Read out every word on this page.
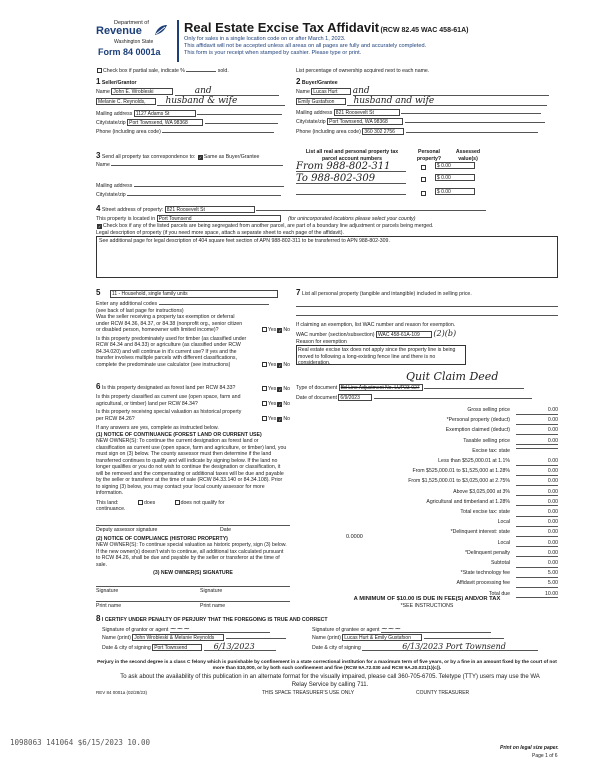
Department of
Revenue
Washington State
Form 84 0001a
Real Estate Excise Tax Affidavit (RCW 82.45 WAC 458-61A)
Only for sales in a single location code on or after March 1, 2023.
This affidavit will not be accepted unless all areas on all pages are fully and accurately completed.
This form is your receipt when stamped by cashier. Please type or print.
Check box if partial sale, indicate %	sold.	List percentage of ownership acquired next to each name.
1 Seller/Grantor
Name John E. Wrobleski	and
Melanie C. Reynolds, husband & wife
Mailing address 1127 Adams St
City/state/zip Port Townsend, WA 98368
Phone (including area code)
2 Buyer/Grantee
Name Lucas Hurt and
Emily Gustafson husband and wife
Mailing address 821 Roosevelt St
City/state/zip Port Townsend, WA 98368
Phone (including area code) 360 302 2756
3 Send all property tax correspondence to: ✓ Same as Buyer/Grantee
Name
Mailing address
City/state/zip
List all real and personal property tax parcel account numbers
Personal property?
Assessed value(s)
From 988-802-311	$ 0.00
To 988-802-309	$ 0.00
$ 0.00
4 Street address of property: 821 Roosevelt St
This property is located in Port Townsend	(for unincorporated locations please select your county)
✓ Check box if any of the listed parcels are being segregated from another parcel, are part of a boundary line adjustment or parcels being merged.
Legal description of property (if you need more space, attach a separate sheet to each page of the affidavit).
See additional page for legal description of 404 square feet section of APN 988-802-311 to be transferred to APN 988-802-309.
5 11 - Household, single family units
Enter any additional codes
(see back of last page for instructions)
Was the seller receiving a property tax exemption or deferral under RCW 84.36, 84.37, or 84.38 (nonprofit org., senior citizen or disabled person, homeowner with limited income)?	Yes ✓ No
Is this property predominately used for timber (as classified under RCW 84.34 and 84.33) or agriculture (as classified under RCW 84.34.020) and will continue in it's current use? If yes and the transfer involves multiple parcels with different classifications, complete the predominate use calculator (see instructions)	Yes ✓ No
6 Is this property designated as forest land per RCW 84.33?	Yes ✓ No
Is this property classified as current use (open space, farm and agricultural, or timber) land per RCW 84.34?	Yes ✓ No
Is this property receiving special valuation as historical property per RCW 84.26?	Yes ✓ No
If any answers are yes, complete as instructed below.
(1) NOTICE OF CONTINUANCE (FOREST LAND OR CURRENT USE)
NEW OWNER(S): To continue the current designation as forest land or classification as current use (open space, farm and agriculture, or timber) land, you must sign on (3) below. The county assessor must then determine if the land transferred continues to qualify and will indicate by signing below. If the land no longer qualifies or you do not wish to continue the designation or classification, it will be removed and the compensating or additional taxes will be due and payable by the seller or transferor at the time of sale (RCW 84.33.140 or 84.34.108). Prior to signing (3) below, you may contact your local county assessor for more information.
This land:	does	does not qualify for
continuance.
Deputy assessor signature	Date
(2) NOTICE OF COMPLIANCE (HISTORIC PROPERTY)
NEW OWNER(S): To continue special valuation as historic property, sign (3) below. If the new owner(s) doesn't wish to continue, all additional tax calculated pursuant to RCW 84.26, shall be due and payable by the seller or transferor at the time of sale.
(3) NEW OWNER(S) SIGNATURE
Signature	Signature
Print name	Print name
7 List all personal property (tangible and intangible) included in selling price.
If claiming an exemption, list WAC number and reason for exemption.
WAC number (section/subsection) WAC 458-61A-109 (2)(b)
Reason for exemption
Real estate excise tax does not apply since the property line is being moved to following a long-existing fence line and there is no consideration.
Quit Claim Deed
Type of document Bd Line Adjustment No. LUP23-027
Date of document 6/9/2023
Gross selling price	0.00
*Personal property (deduct)	0.00
Exemption claimed (deduct)	0.00
Taxable selling price	0.00
Excise tax: state
Less than $525,000.01 at 1.1%	0.00
From $525,000.01 to $1,525,000 at 1.28%	0.00
From $1,525,000.01 to $3,025,000 at 2.75%	0.00
Above $3,025,000 at 3%	0.00
Agricultural and timberland at 1.28%	0.00
Total excise tax: state	0.00
Local	0.00
*Delinquent interest: state	0.00
Local	0.00
*Delinquent penalty	0.00
Subtotal	0.00
*State technology fee	5.00
Affidavit processing fee	5.00
Total due	10.00
0.0000
A MINIMUM OF $10.00 IS DUE IN FEE(S) AND/OR TAX
*SEE INSTRUCTIONS
8 I CERTIFY UNDER PENALTY OF PERJURY THAT THE FOREGOING IS TRUE AND CORRECT
Signature of grantor or agent ~~~
Name (print) John Wrobleski & Melanie Reynolds
Date & city of signing Port Townsend	6/13/2023
Signature of grantee or agent ~~~
Name (print) Lucas Hurt & Emily Gustafson
Date & city of signing	6/13/2023 Port Townsend
Perjury in the second degree is a class C felony which is punishable by confinement in a state correctional institution for a maximum term of five years, or by a fine in an amount fixed by the court of not more than $10,000, or by both such confinement and fine (RCW 9A.72.030 and RCW 9A.20.021(1)(c)).
To ask about the availability of this publication in an alternate format for the visually impaired, please call 360-705-6705. Teletype (TTY) users may use the WA Relay Service by calling 711.
REV 84 0001a (02/28/23)	THIS SPACE TREASURER'S USE ONLY	COUNTY TREASURER
1098063 141064 $6/15/2023 10.00
Print on legal size paper.
Page 1 of 6
